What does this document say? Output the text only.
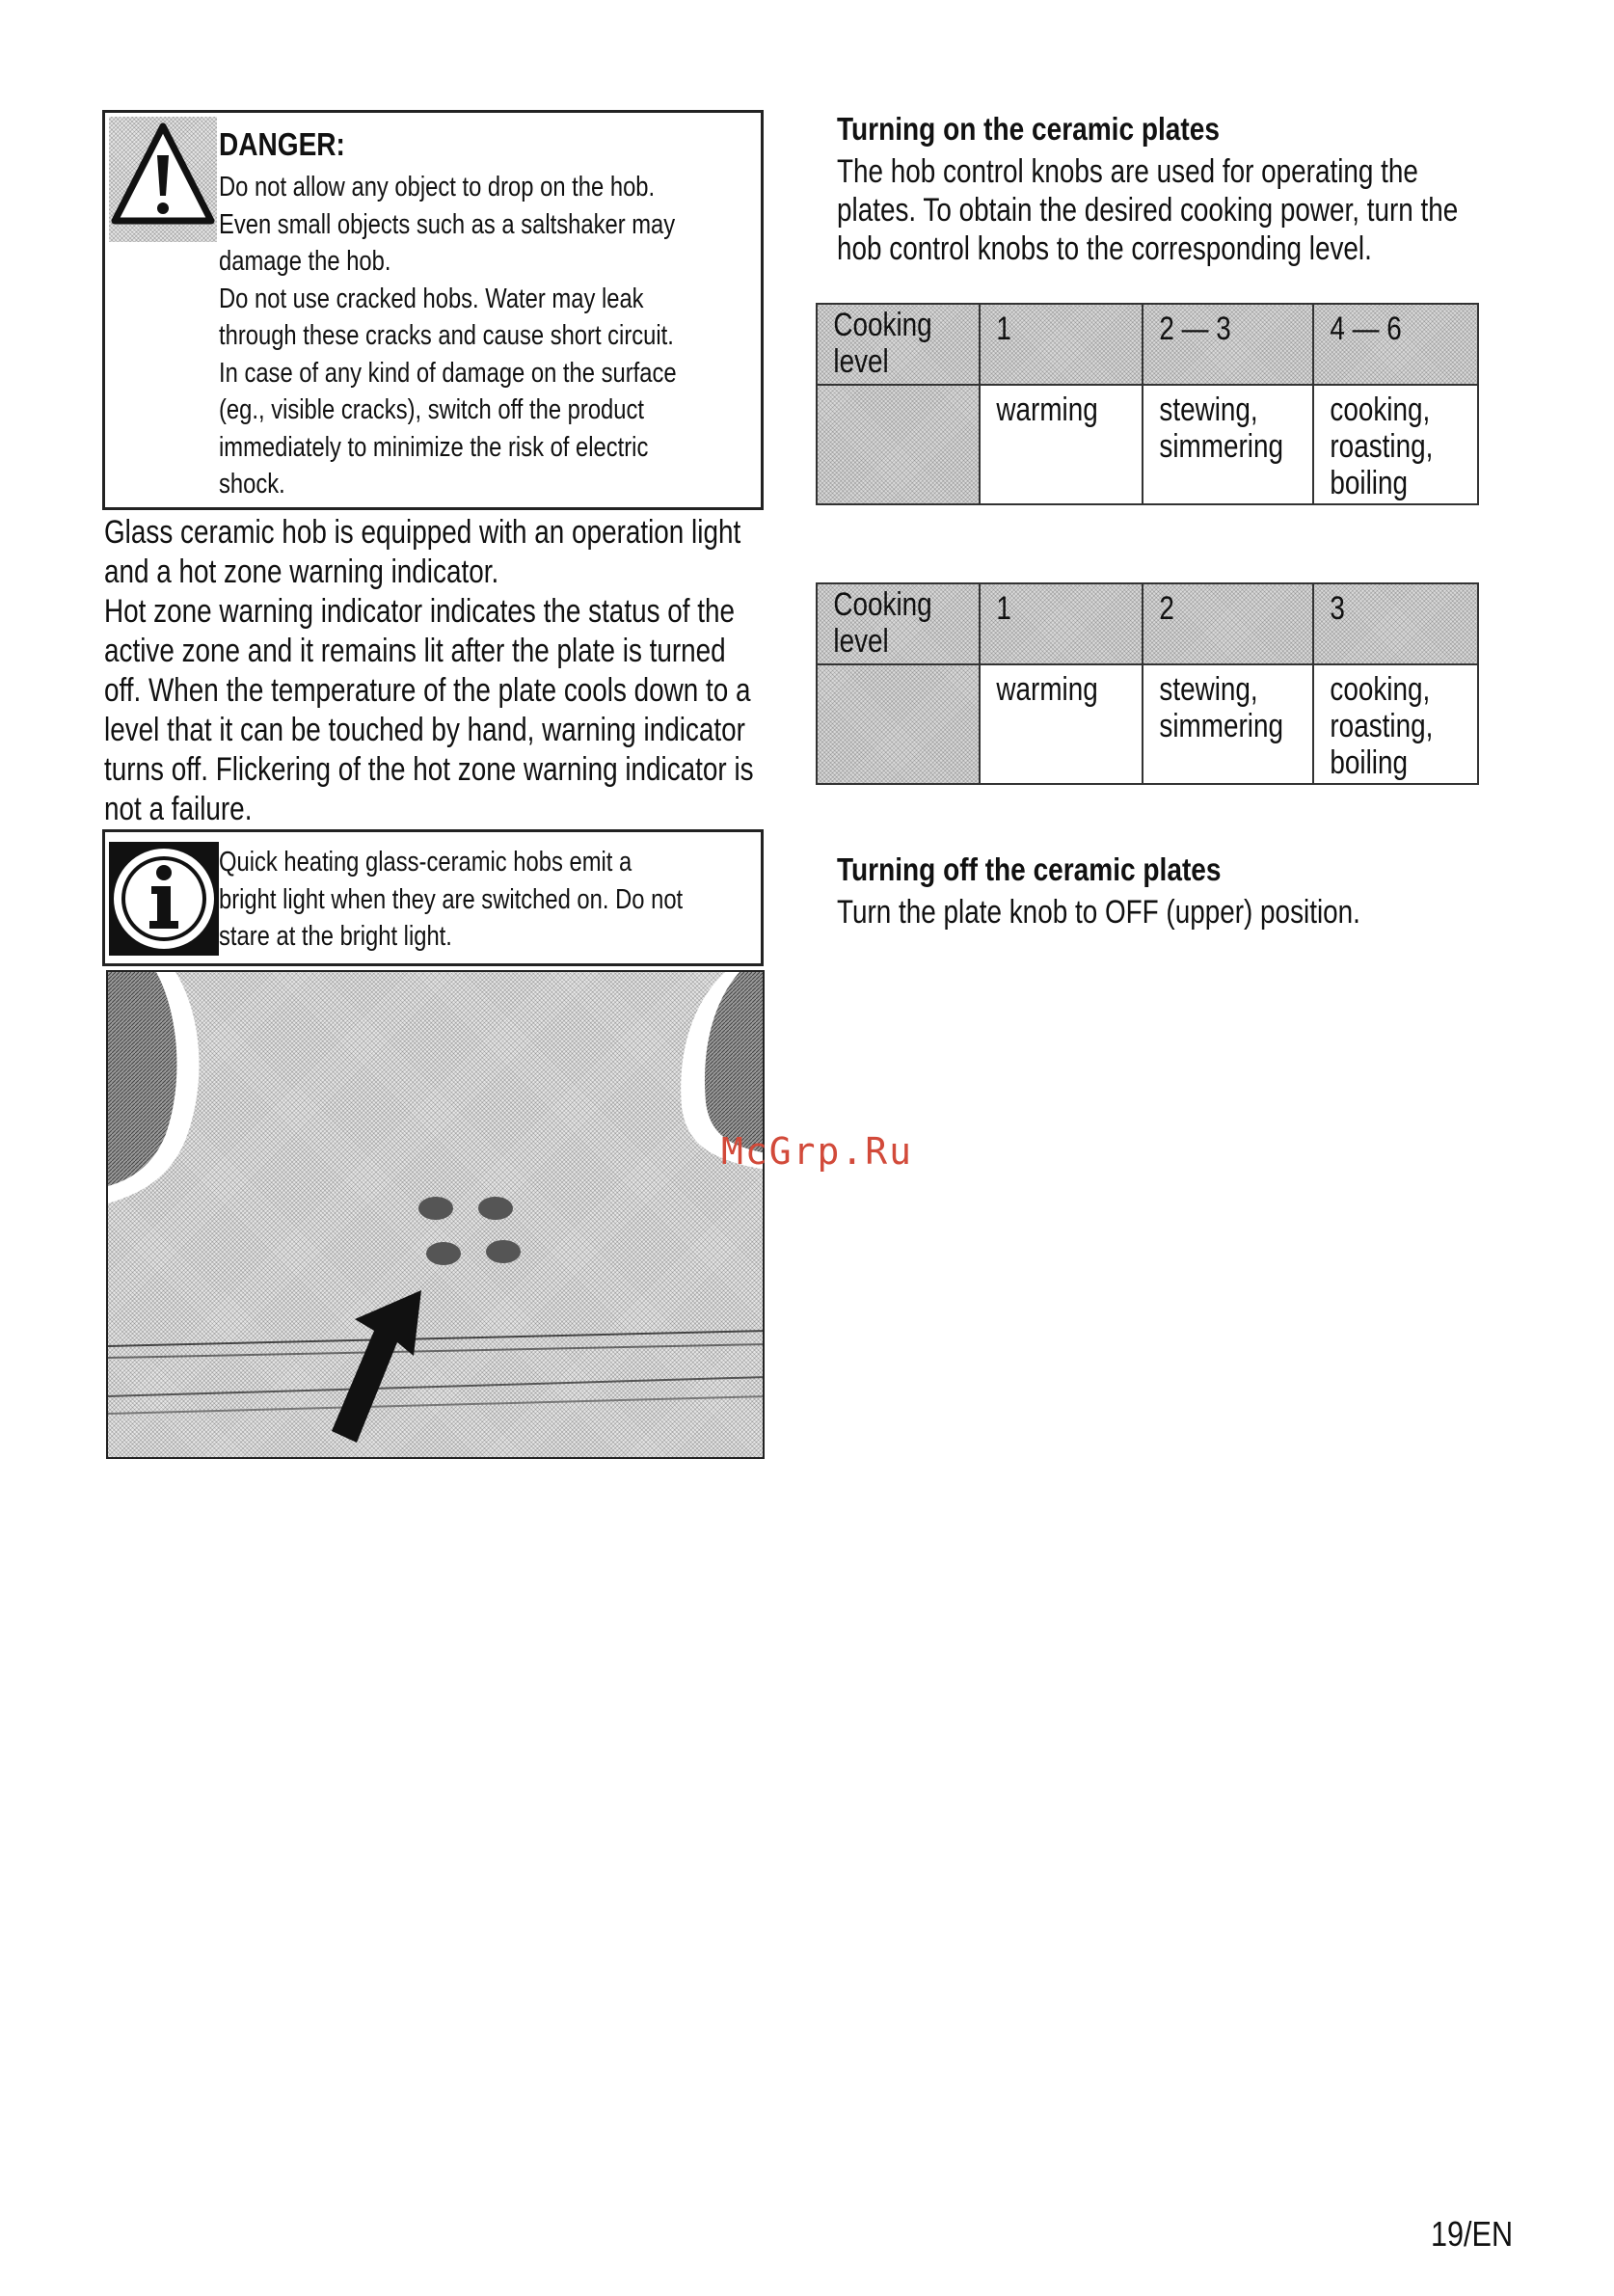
DANGER:
Do not allow any object to drop on the hob.
Even small objects such as a saltshaker may
damage the hob.
Do not use cracked hobs. Water may leak
through these cracks and cause short circuit.
In case of any kind of damage on the surface
(eg., visible cracks), switch off the product
immediately to minimize the risk of electric
shock.
Glass ceramic hob is equipped with an operation light
and a hot zone warning indicator.
Hot zone warning indicator indicates the status of the
active zone and it remains lit after the plate is turned
off. When the temperature of the plate cools down to a
level that it can be touched by hand, warning indicator
turns off. Flickering of the hot zone warning indicator is
not a failure.
Quick heating glass-ceramic hobs emit a
bright light when they are switched on. Do not
stare at the bright light.
Turning on the ceramic plates
The hob control knobs are used for operating the
plates. To obtain the desired cooking power, turn the
hob control knobs to the corresponding level.
Cooking level	1	2 — 3	4 — 6

	warming	stewing, simmering	cooking, roasting, boiling
Cooking level	1	2	3

	warming	stewing, simmering	cooking, roasting, boiling
Turning off the ceramic plates
Turn the plate knob to OFF (upper) position.
McGrp.Ru
19/EN
